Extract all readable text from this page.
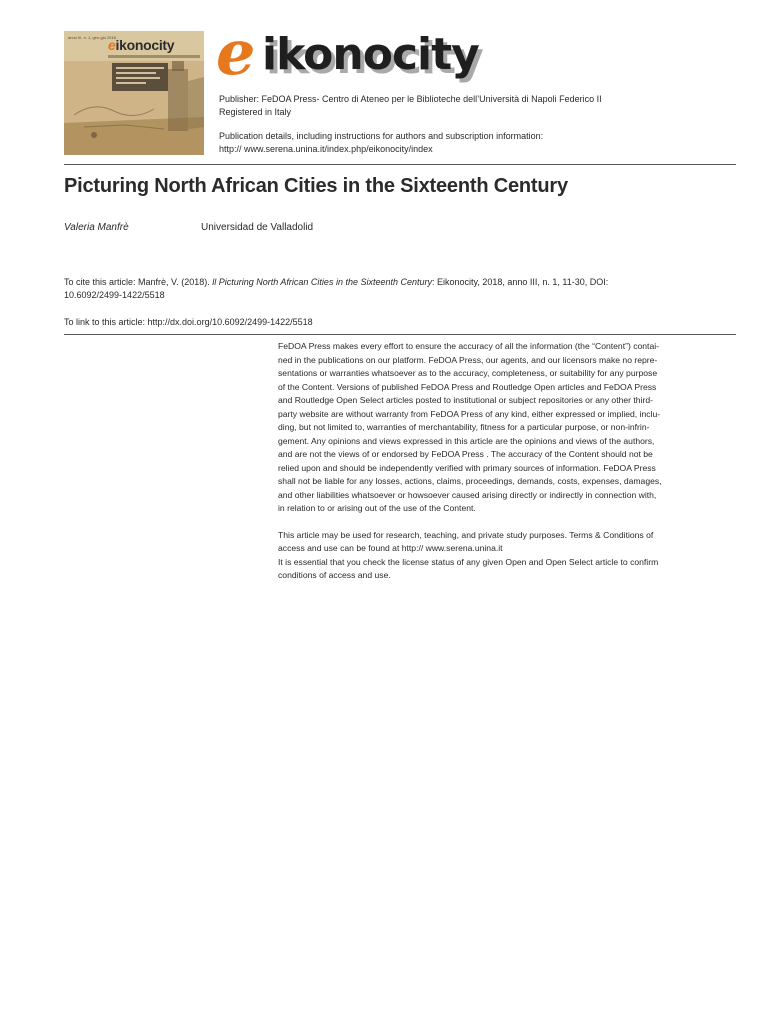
anno III, n. 1, gen-giu 2018
eikonocity e ikonocity
Publisher: FeDOA Press- Centro di Ateneo per le Biblioteche dell’Università di Napoli Federico II
Registered in Italy
Publication details, including instructions for authors and subscription information:
http:// www.serena.unina.it/index.php/eikonocity/index
Picturing North African Cities in the Sixteenth Century
Valeria Manfrè	Universidad de Valladolid
To cite this article: Manfrè, V. (2018). ll Picturing North African Cities in the Sixteenth Century: Eikonocity, 2018, anno III, n. 1, 11-30, DOI:
10.6092/2499-1422/5518
To link to this article: http://dx.doi.org/10.6092/2499-1422/5518

FeDOA Press makes every effort to ensure the accuracy of all the information (the “Content”) contai-
ned in the publications on our platform. FeDOA Press, our agents, and our licensors make no repre-
sentations or warranties whatsoever as to the accuracy, completeness, or suitability for any purpose
of the Content. Versions of published FeDOA Press and Routledge Open articles and FeDOA Press
and Routledge Open Select articles posted to institutional or subject repositories or any other third-
party website are without warranty from FeDOA Press of any kind, either expressed or implied, inclu-
ding, but not limited to, warranties of merchantability, fitness for a particular purpose, or non-infrin-
gement. Any opinions and views expressed in this article are the opinions and views of the authors,
and are not the views of or endorsed by FeDOA Press . The accuracy of the Content should not be
relied upon and should be independently verified with primary sources of information. FeDOA Press
shall not be liable for any losses, actions, claims, proceedings, demands, costs, expenses, damages,
and other liabilities whatsoever or howsoever caused arising directly or indirectly in connection with,
in relation to or arising out of the use of the Content.

This article may be used for research, teaching, and private study purposes. Terms & Conditions of
access and use can be found at http:// www.serena.unina.it
It is essential that you check the license status of any given Open and Open Select article to confirm
conditions of access and use.
